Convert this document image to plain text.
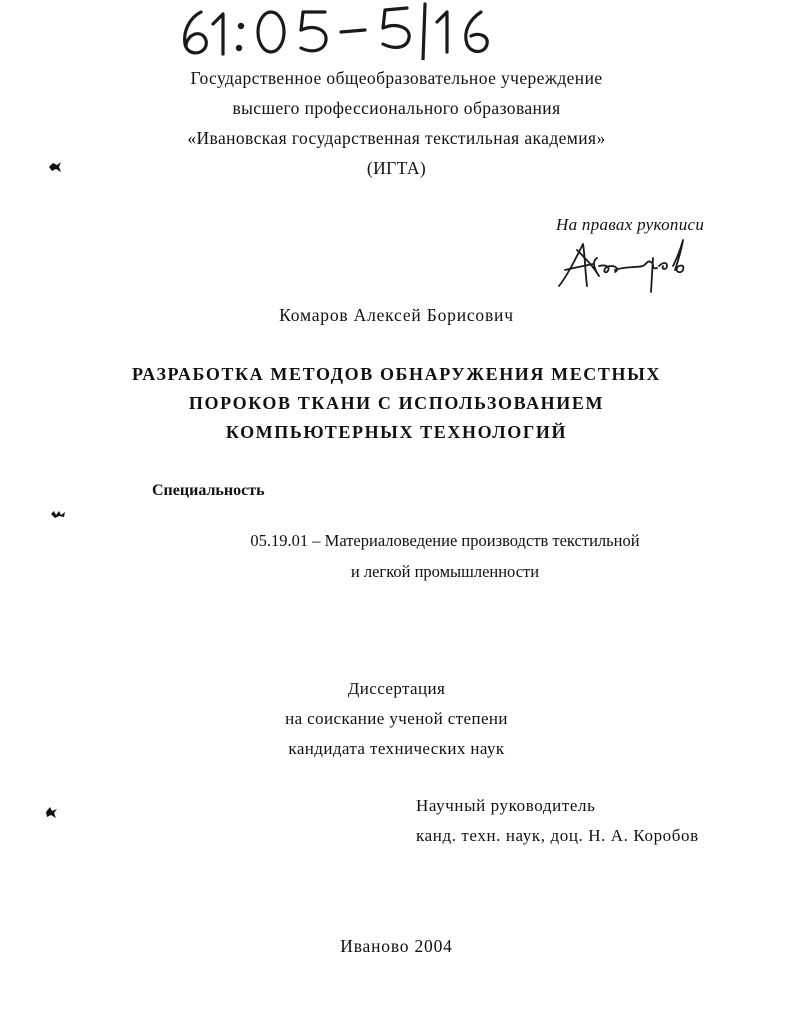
Государственное общеобразовательное учереждение
высшего профессионального образования
«Ивановская государственная текстильная академия»
(ИГТА)
На правах рукописи
Комаров Алексей Борисович
РАЗРАБОТКА МЕТОДОВ ОБНАРУЖЕНИЯ МЕСТНЫХ
ПОРОКОВ ТКАНИ С ИСПОЛЬЗОВАНИЕМ
КОМПЬЮТЕРНЫХ ТЕХНОЛОГИЙ
Специальность
05.19.01 – Материаловедение производств текстильной
и легкой промышленности
Диссертация
на соискание ученой степени
кандидата технических наук
Научный руководитель
канд. техн. наук, доц. Н. А. Коробов
Иваново 2004
